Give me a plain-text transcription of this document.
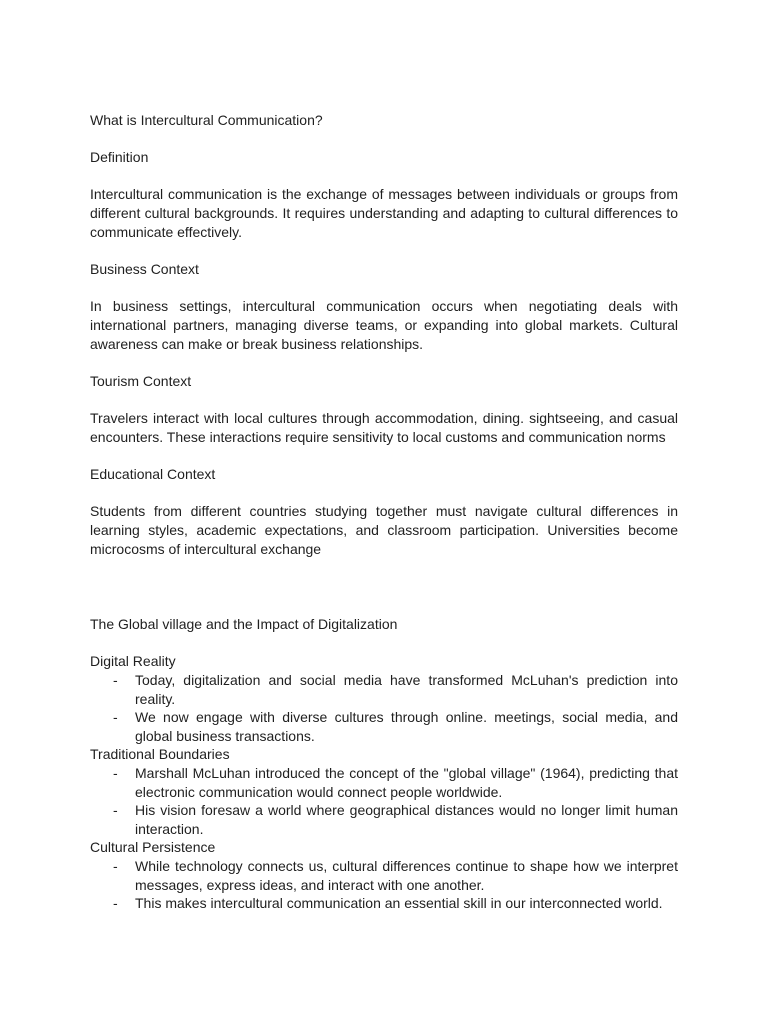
What is Intercultural Communication?

Definition

Intercultural communication is the exchange of messages between individuals or groups from different cultural backgrounds. It requires understanding and adapting to cultural differences to communicate effectively.

Business Context

In business settings, intercultural communication occurs when negotiating deals with international partners, managing diverse teams, or expanding into global markets. Cultural awareness can make or break business relationships.

Tourism Context

Travelers interact with local cultures through accommodation, dining. sightseeing, and casual encounters. These interactions require sensitivity to local customs and communication norms

Educational Context

Students from different countries studying together must navigate cultural differences in learning styles, academic expectations, and classroom participation. Universities become microcosms of intercultural exchange

The Global village and the Impact of Digitalization

Digital Reality

- Today, digitalization and social media have transformed McLuhan's prediction into reality.
- We now engage with diverse cultures through online. meetings, social media, and global business transactions.

Traditional Boundaries

- Marshall McLuhan introduced the concept of the "global village" (1964), predicting that electronic communication would connect people worldwide.
- His vision foresaw a world where geographical distances would no longer limit human interaction.

Cultural Persistence

- While technology connects us, cultural differences continue to shape how we interpret messages, express ideas, and interact with one another.
- This makes intercultural communication an essential skill in our interconnected world.
